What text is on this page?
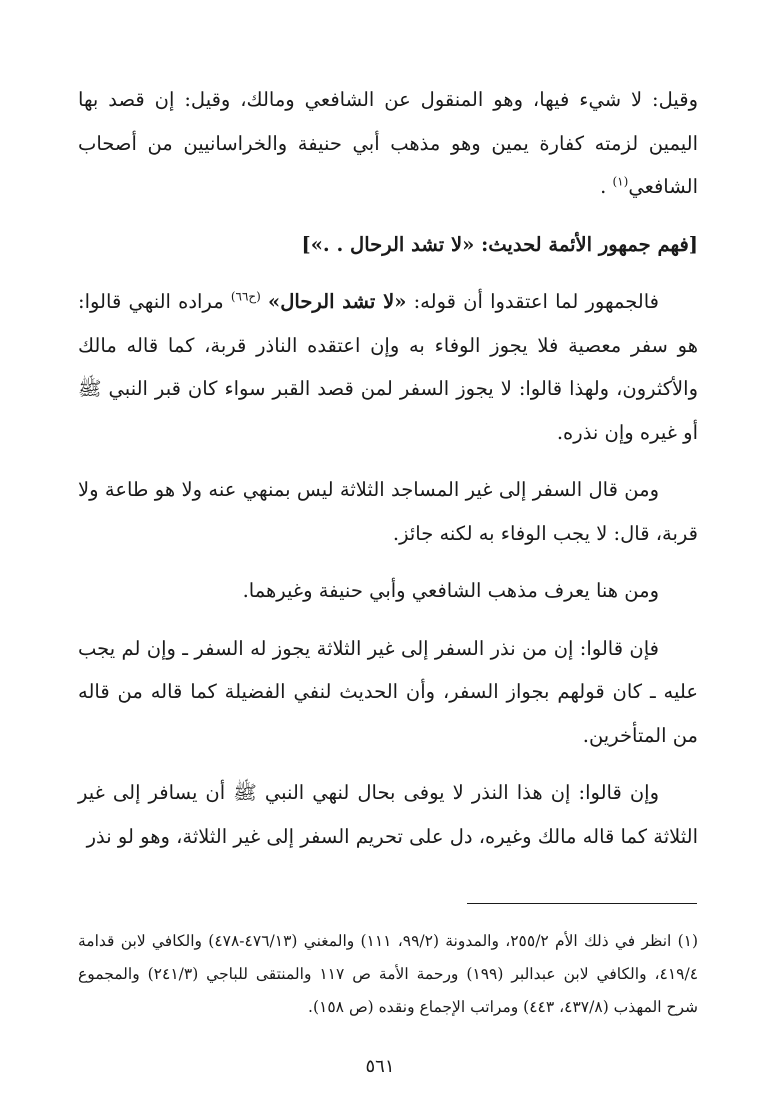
وقيل: لا شيء فيها، وهو المنقول عن الشافعي ومالك، وقيل: إن قصد بها اليمين لزمته كفارة يمين وهو مذهب أبي حنيفة والخراسانيين من أصحاب الشافعي$^{(١)}$ .

[فهم جمهور الأئمة لحديث: «لا تشد الرحال . .»]

  فالجمهور لما اعتقدوا أن قوله: «لا تشد الرحال» $^{(ح٦٦)}$ مراده النهي قالوا: هو سفر معصية فلا يجوز الوفاء به وإن اعتقده الناذر قربة، كما قاله مالك والأكثرون، ولهذا قالوا: لا يجوز السفر لمن قصد القبر سواء كان قبر النبي ﷺ أو غيره وإن نذره.

  ومن قال السفر إلى غير المساجد الثلاثة ليس بمنهي عنه ولا هو طاعة ولا قربة، قال: لا يجب الوفاء به لكنه جائز.

  ومن هنا يعرف مذهب الشافعي وأبي حنيفة وغيرهما.

  فإن قالوا: إن من نذر السفر إلى غير الثلاثة يجوز له السفر ـ وإن لم يجب عليه ـ كان قولهم بجواز السفر، وأن الحديث لنفي الفضيلة كما قاله من قاله من المتأخرين.

  وإن قالوا: إن هذا النذر لا يوفى بحال لنهي النبي ﷺ أن يسافر إلى غير الثلاثة كما قاله مالك وغيره، دل على تحريم السفر إلى غير الثلاثة، وهو لو نذر

(١) انظر في ذلك الأم ٢٥٥/٢، والمدونة (٩٩/٢، ١١١) والمغني (٤٧٦/١٣-٤٧٨) والكافي لابن قدامة ٤١٩/٤، والكافي لابن عبدالبر (١٩٩) ورحمة الأمة ص ١١٧ والمنتقى للباجي (٢٤١/٣) والمجموع شرح المهذب (٤٣٧/٨، ٤٤٣) ومراتب الإجماع ونقده (ص ١٥٨).
٥٦١
